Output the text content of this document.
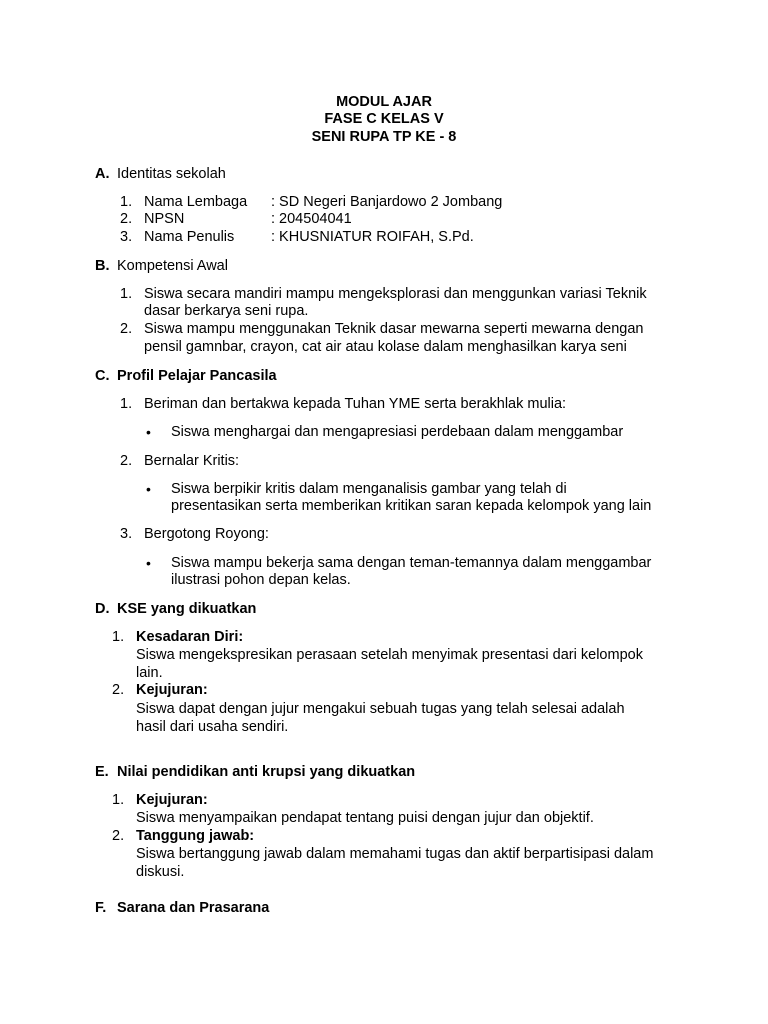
MODUL AJAR
FASE C KELAS V
SENI RUPA TP KE - 8
A. Identitas sekolah
1. Nama Lembaga : SD Negeri Banjardowo 2 Jombang
2. NPSN	: 204504041
3. Nama Penulis	: KHUSNIATUR ROIFAH, S.Pd.
B. Kompetensi Awal
1. Siswa secara mandiri mampu mengeksplorasi dan menggunkan variasi Teknik
dasar berkarya seni rupa.
2. Siswa mampu menggunakan Teknik dasar mewarna seperti mewarna dengan
pensil gamnbar, crayon, cat air atau kolase dalam menghasilkan karya seni
C. Profil Pelajar Pancasila
1. Beriman dan bertakwa kepada Tuhan YME serta berakhlak mulia:
• Siswa menghargai dan mengapresiasi perdebaan dalam menggambar
2. Bernalar Kritis:
• Siswa berpikir kritis dalam menganalisis gambar yang telah di
presentasikan serta memberikan kritikan saran kepada kelompok yang lain
3. Bergotong Royong:
• Siswa mampu bekerja sama dengan teman-temannya dalam menggambar
ilustrasi pohon depan kelas.
D. KSE yang dikuatkan
1. Kesadaran Diri:
Siswa mengekspresikan perasaan setelah menyimak presentasi dari kelompok
lain.
2. Kejujuran:
Siswa dapat dengan jujur mengakui sebuah tugas yang telah selesai adalah
hasil dari usaha sendiri.
E. Nilai pendidikan anti krupsi yang dikuatkan
1. Kejujuran:
Siswa menyampaikan pendapat tentang puisi dengan jujur dan objektif.
2. Tanggung jawab:
Siswa bertanggung jawab dalam memahami tugas dan aktif berpartisipasi dalam
diskusi.
F. Sarana dan Prasarana
